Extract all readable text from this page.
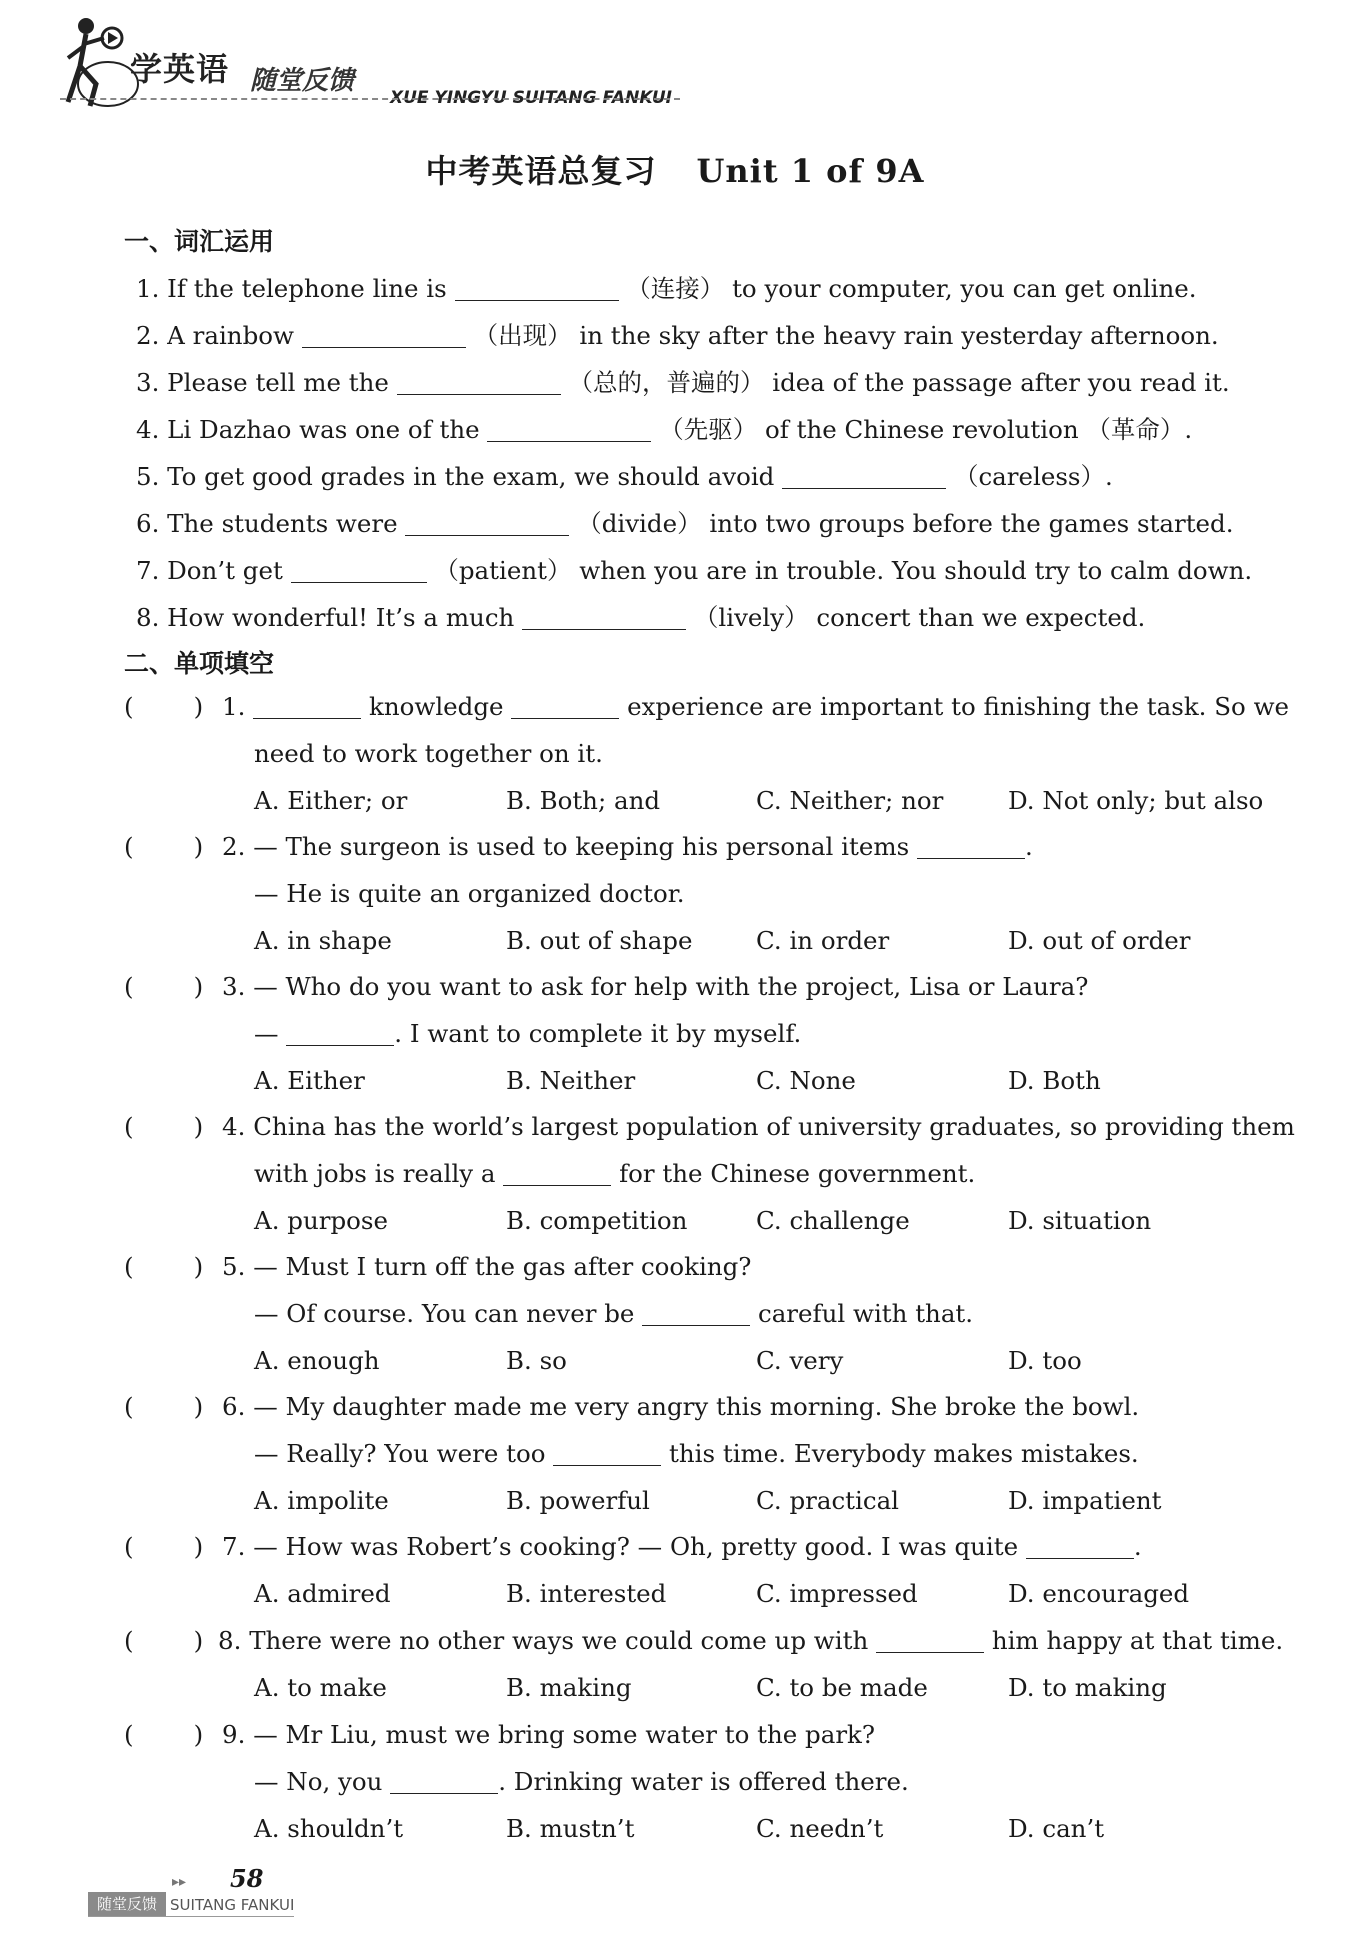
学英语 随堂反馈
XUE YINGYU SUITANG FANKUI
中考英语总复习 Unit 1 of 9A
一、词汇运用
1. If the telephone line is	（连接） to your computer, you can get online.
2. A rainbow	（出现） in the sky after the heavy rain yesterday afternoon.
3. Please tell me the	（总的，普遍的） idea of the passage after you read it.
4. Li Dazhao was one of the	（先驱） of the Chinese revolution （革命）.
5. To get good grades in the exam, we should avoid	（careless）.
6. The students were	（divide） into two groups before the games started.
7. Don’t get	（patient） when you are in trouble. You should try to calm down.
8. How wonderful! It’s a much	（lively） concert than we expected.
二、单项填空
( ) 1.	knowledge	experience are important to finishing the task. So we
need to work together on it.
A. Either; or	B. Both; and	C. Neither; nor	D. Not only; but also
( ) 2. — The surgeon is used to keeping his personal items	.
— He is quite an organized doctor.
A. in shape	B. out of shape	C. in order	D. out of order
( ) 3. — Who do you want to ask for help with the project, Lisa or Laura?
—	. I want to complete it by myself.
A. Either	B. Neither	C. None	D. Both
( ) 4. China has the world’s largest population of university graduates, so providing them
with jobs is really a	for the Chinese government.
A. purpose	B. competition	C. challenge	D. situation
( ) 5. — Must I turn off the gas after cooking?
— Of course. You can never be	careful with that.
A. enough	B. so	C. very	D. too
( ) 6. — My daughter made me very angry this morning. She broke the bowl.
— Really? You were too	this time. Everybody makes mistakes.
A. impolite	B. powerful	C. practical	D. impatient
( ) 7. — How was Robert’s cooking? — Oh, pretty good. I was quite	.
A. admired	B. interested	C. impressed	D. encouraged
( ) 8. There were no other ways we could come up with	him happy at that time.
A. to make	B. making	C. to be made	D. to making
( ) 9. — Mr Liu, must we bring some water to the park?
— No, you	. Drinking water is offered there.
A. shouldn’t	B. mustn’t	C. needn’t	D. can’t
▸▸ 58
随堂反馈 SUITANG FANKUI
